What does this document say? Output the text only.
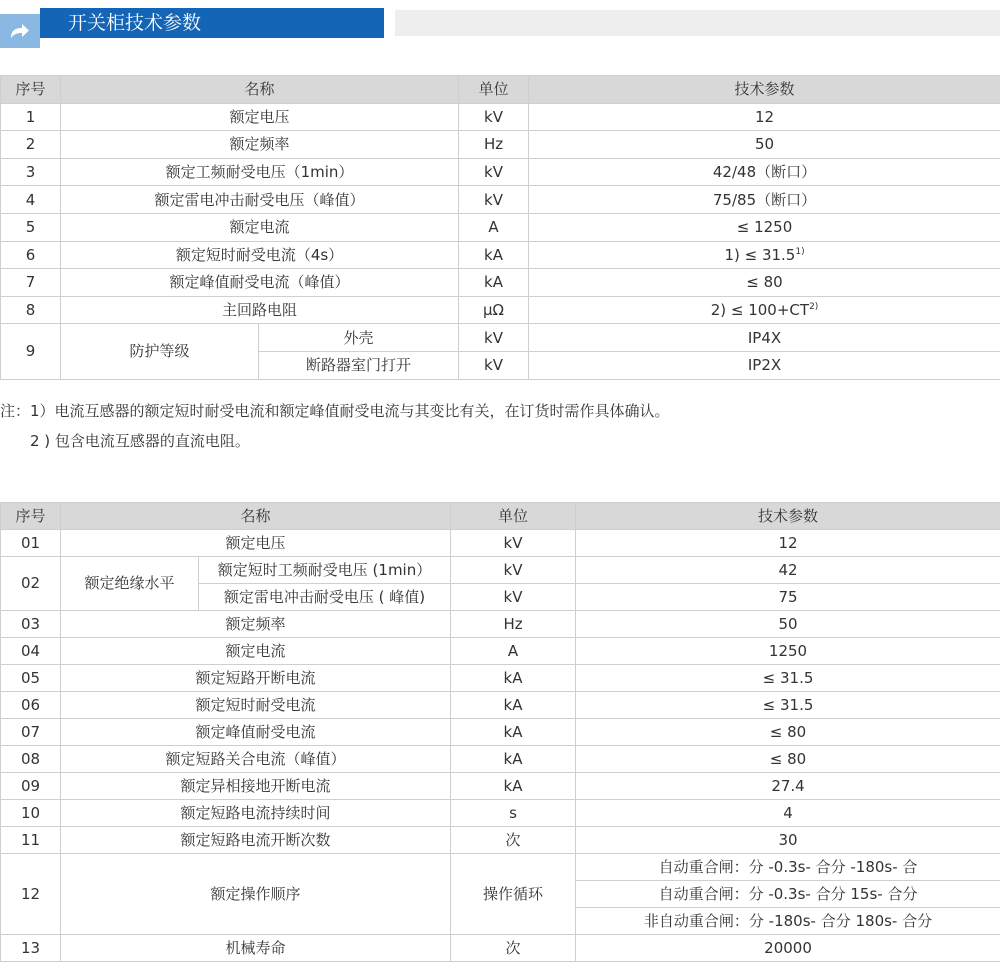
开关柜技术参数
序号	名称		单位	技术参数
1	额定电压		kV	12
2	额定频率		Hz	50
3	额定工频耐受电压（1min）		kV	42/48（断口）
4	额定雷电冲击耐受电压（峰值）		kV	75/85（断口）
5	额定电流		A	≤ 1250
6	额定短时耐受电流（4s）		kA	$1) \le 31.5^{1)}$
7	额定峰值耐受电流（峰值）		kA	≤ 80
8	主回路电阻		μΩ	$2) \le 100+CT^{2)}$
9	防护等级	外壳	kV	IP4X
		断路器室门打开	kV	IP2X
注：1）电流互感器的额定短时耐受电流和额定峰值耐受电流与其变比有关，在订货时需作具体确认。
2 ) 包含电流互感器的直流电阻。
序号	名称		单位	技术参数
01	额定电压		kV	12
02	额定绝缘水平	额定短时工频耐受电压 (1min）	kV	42
		额定雷电冲击耐受电压 ( 峰值)	kV	75
03	额定频率		Hz	50
04	额定电流		A	1250
05	额定短路开断电流		kA	≤ 31.5
06	额定短时耐受电流		kA	≤ 31.5
07	额定峰值耐受电流		kA	≤ 80
08	额定短路关合电流（峰值）		kA	≤ 80
09	额定异相接地开断电流		kA	27.4
10	额定短路电流持续时间		s	4
11	额定短路电流开断次数		次	30
12	额定操作顺序		操作循环	自动重合闸：分 -0.3s- 合分 -180s- 合
				自动重合闸：分 -0.3s- 合分 15s- 合分
				非自动重合闸：分 -180s- 合分 180s- 合分
13	机械寿命		次	20000
